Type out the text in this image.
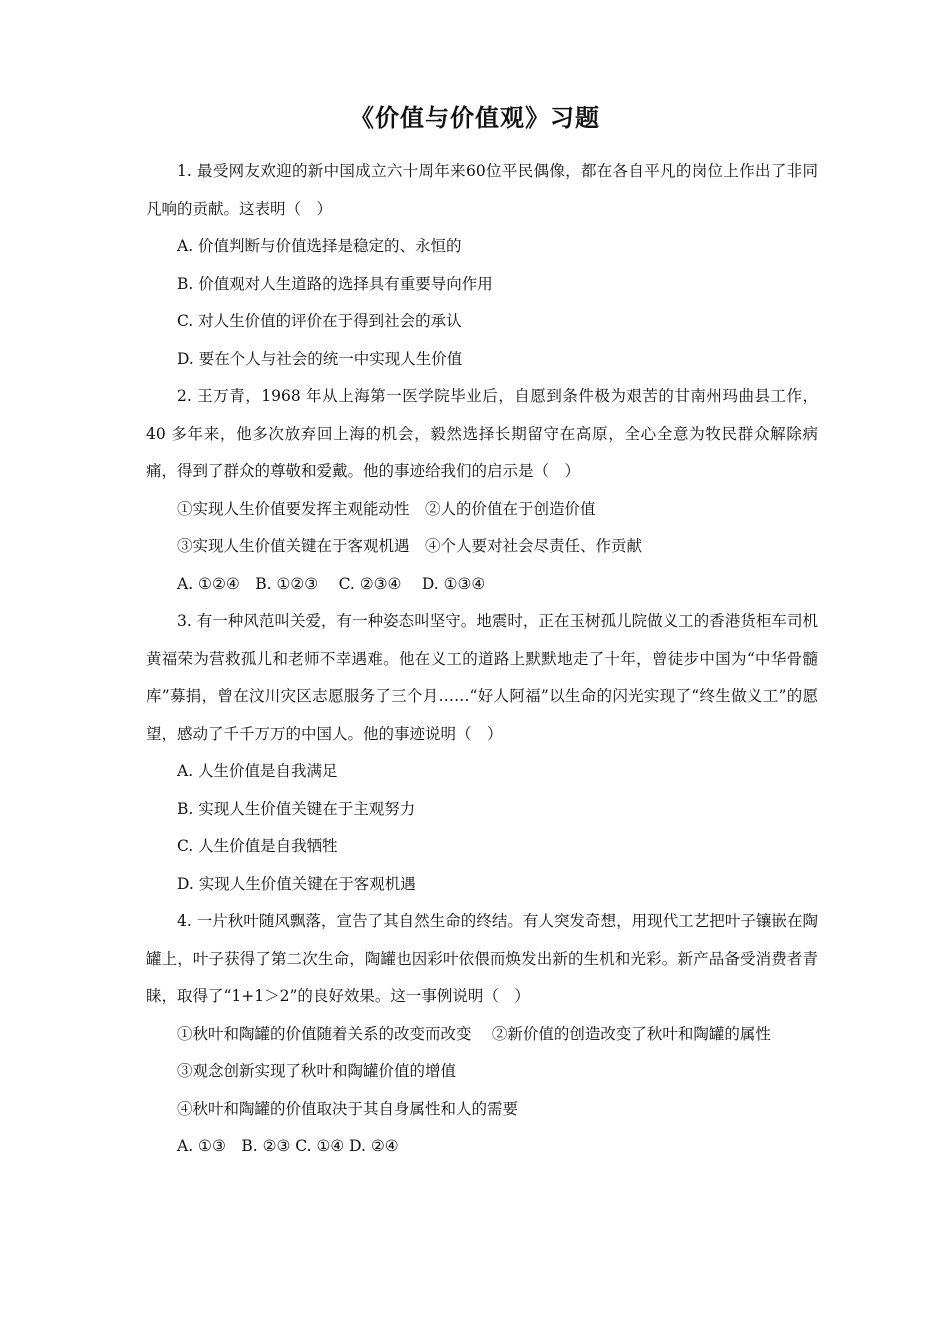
《价值与价值观》习题

1. 最受网友欢迎的新中国成立六十周年来60位平民偶像，都在各自平凡的岗位上作出了非同凡响的贡献。这表明（　）

A. 价值判断与价值选择是稳定的、永恒的

B. 价值观对人生道路的选择具有重要导向作用

C. 对人生价值的评价在于得到社会的承认

D. 要在个人与社会的统一中实现人生价值

2. 王万青，1968 年从上海第一医学院毕业后，自愿到条件极为艰苦的甘南州玛曲县工作，40 多年来，他多次放弃回上海的机会，毅然选择长期留守在高原，全心全意为牧民群众解除病痛，得到了群众的尊敬和爱戴。他的事迹给我们的启示是（　）

①实现人生价值要发挥主观能动性　②人的价值在于创造价值

③实现人生价值关键在于客观机遇　④个人要对社会尽责任、作贡献

A. ①②④　B. ①②③　 C. ②③④　 D. ①③④

3. 有一种风范叫关爱，有一种姿态叫坚守。地震时，正在玉树孤儿院做义工的香港货柜车司机黄福荣为营救孤儿和老师不幸遇难。他在义工的道路上默默地走了十年，曾徒步中国为“中华骨髓库”募捐，曾在汶川灾区志愿服务了三个月……“好人阿福”以生命的闪光实现了“终生做义工”的愿望，感动了千千万万的中国人。他的事迹说明（　）

A. 人生价值是自我满足

B. 实现人生价值关键在于主观努力

C. 人生价值是自我牺牲

D. 实现人生价值关键在于客观机遇

4. 一片秋叶随风飘落，宣告了其自然生命的终结。有人突发奇想，用现代工艺把叶子镶嵌在陶罐上，叶子获得了第二次生命，陶罐也因彩叶依偎而焕发出新的生机和光彩。新产品备受消费者青睐，取得了“1+1＞2”的良好效果。这一事例说明（　）

①秋叶和陶罐的价值随着关系的改变而改变　 ②新价值的创造改变了秋叶和陶罐的属性

③观念创新实现了秋叶和陶罐价值的增值

④秋叶和陶罐的价值取决于其自身属性和人的需要

A. ①③　B. ②③ C. ①④ D. ②④
